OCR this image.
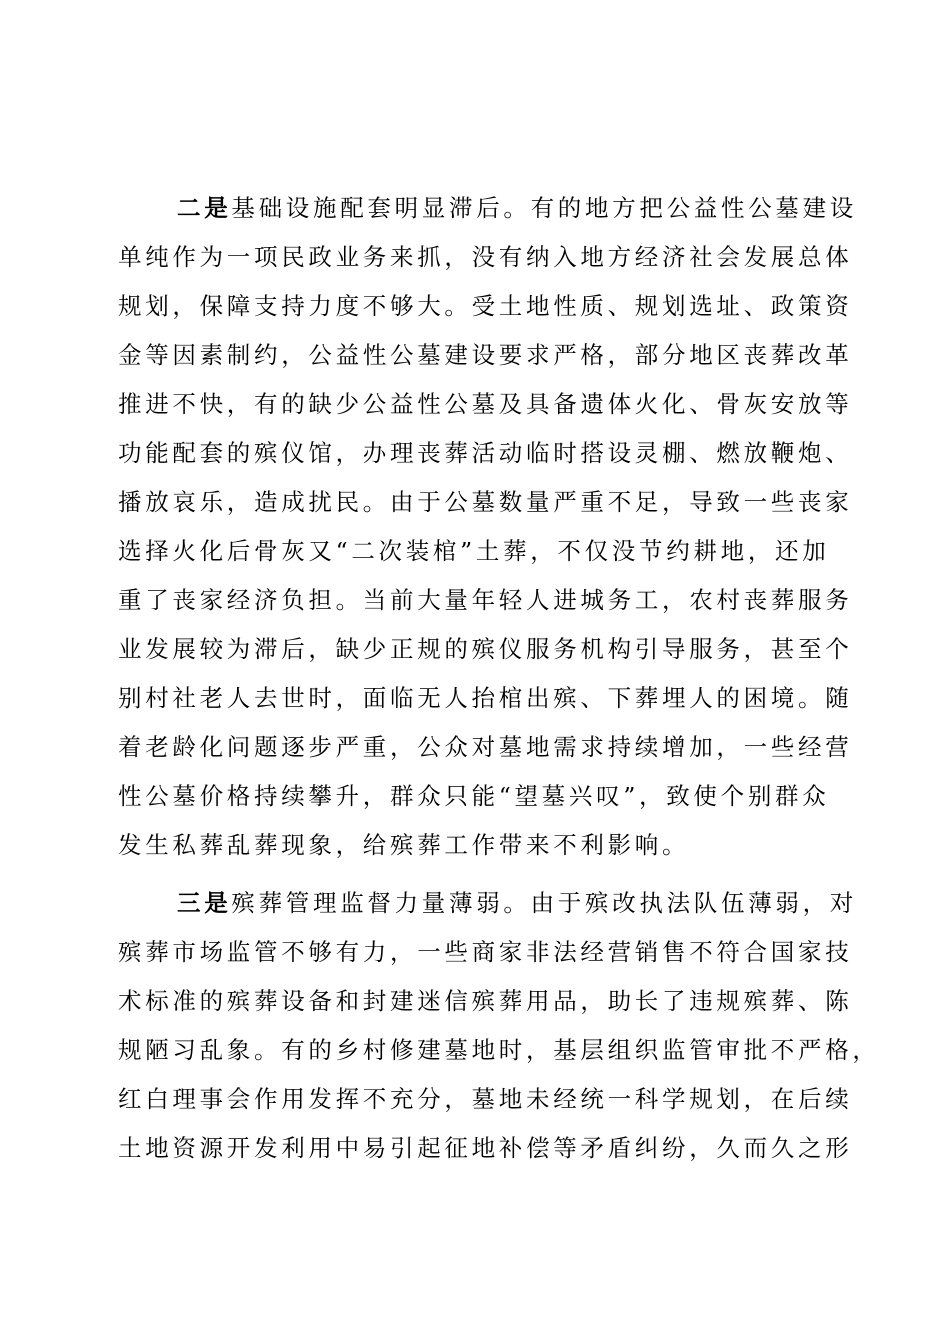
二是基础设施配套明显滞后。有的地方把公益性公墓建设
单纯作为一项民政业务来抓，没有纳入地方经济社会发展总体
规划，保障支持力度不够大。受土地性质、规划选址、政策资
金等因素制约，公益性公墓建设要求严格，部分地区丧葬改革
推进不快，有的缺少公益性公墓及具备遗体火化、骨灰安放等
功能配套的殡仪馆，办理丧葬活动临时搭设灵棚、燃放鞭炮、
播放哀乐，造成扰民。由于公墓数量严重不足，导致一些丧家
选择火化后骨灰又“二次装棺”土葬，不仅没节约耕地，还加
重了丧家经济负担。当前大量年轻人进城务工，农村丧葬服务
业发展较为滞后，缺少正规的殡仪服务机构引导服务，甚至个
别村社老人去世时，面临无人抬棺出殡、下葬埋人的困境。随
着老龄化问题逐步严重，公众对墓地需求持续增加，一些经营
性公墓价格持续攀升，群众只能“望墓兴叹”，致使个别群众
发生私葬乱葬现象，给殡葬工作带来不利影响。
三是殡葬管理监督力量薄弱。由于殡改执法队伍薄弱，对
殡葬市场监管不够有力，一些商家非法经营销售不符合国家技
术标准的殡葬设备和封建迷信殡葬用品，助长了违规殡葬、陈
规陋习乱象。有的乡村修建墓地时，基层组织监管审批不严格，
红白理事会作用发挥不充分，墓地未经统一科学规划，在后续
土地资源开发利用中易引起征地补偿等矛盾纠纷，久而久之形
